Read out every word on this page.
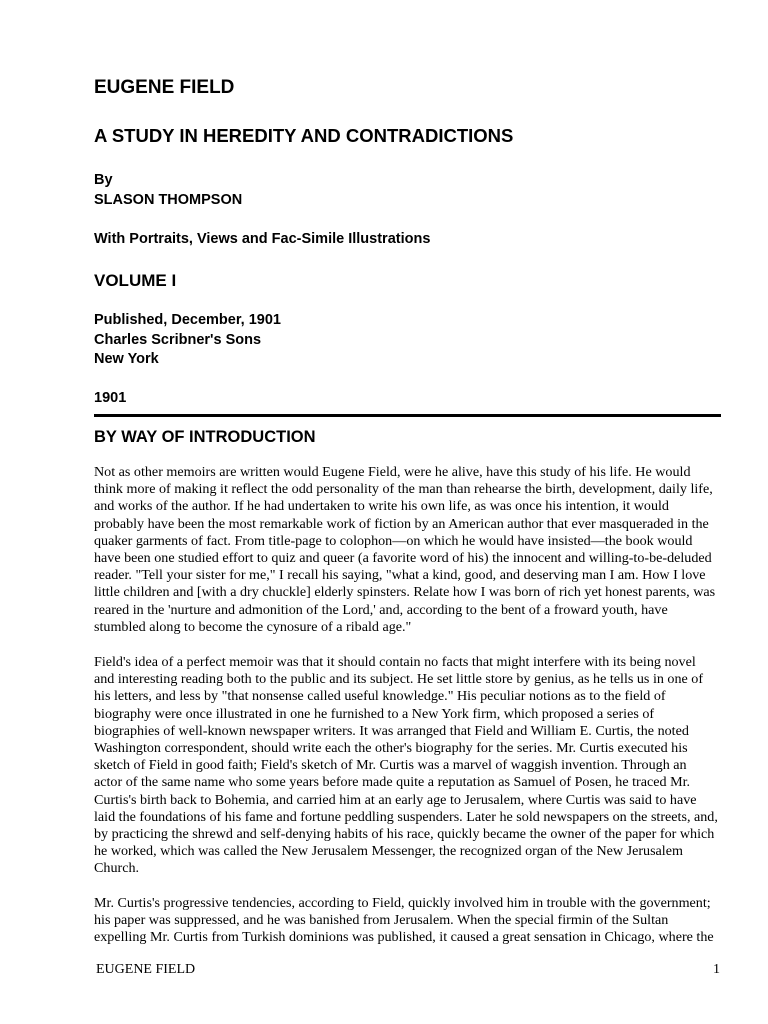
EUGENE FIELD
A STUDY IN HEREDITY AND CONTRADICTIONS
By
SLASON THOMPSON
With Portraits, Views and Fac-Simile Illustrations
VOLUME I
Published, December, 1901
Charles Scribner's Sons
New York
1901
BY WAY OF INTRODUCTION

Not as other memoirs are written would Eugene Field, were he alive, have this study of his life. He would
think more of making it reflect the odd personality of the man than rehearse the birth, development, daily life,
and works of the author. If he had undertaken to write his own life, as was once his intention, it would
probably have been the most remarkable work of fiction by an American author that ever masqueraded in the
quaker garments of fact. From title-page to colophon—on which he would have insisted—the book would
have been one studied effort to quiz and queer (a favorite word of his) the innocent and willing-to-be-deluded
reader. "Tell your sister for me," I recall his saying, "what a kind, good, and deserving man I am. How I love
little children and [with a dry chuckle] elderly spinsters. Relate how I was born of rich yet honest parents, was
reared in the 'nurture and admonition of the Lord,' and, according to the bent of a froward youth, have
stumbled along to become the cynosure of a ribald age."

Field's idea of a perfect memoir was that it should contain no facts that might interfere with its being novel
and interesting reading both to the public and its subject. He set little store by genius, as he tells us in one of
his letters, and less by "that nonsense called useful knowledge." His peculiar notions as to the field of
biography were once illustrated in one he furnished to a New York firm, which proposed a series of
biographies of well-known newspaper writers. It was arranged that Field and William E. Curtis, the noted
Washington correspondent, should write each the other's biography for the series. Mr. Curtis executed his
sketch of Field in good faith; Field's sketch of Mr. Curtis was a marvel of waggish invention. Through an
actor of the same name who some years before made quite a reputation as Samuel of Posen, he traced Mr.
Curtis's birth back to Bohemia, and carried him at an early age to Jerusalem, where Curtis was said to have
laid the foundations of his fame and fortune peddling suspenders. Later he sold newspapers on the streets, and,
by practicing the shrewd and self-denying habits of his race, quickly became the owner of the paper for which
he worked, which was called the New Jerusalem Messenger, the recognized organ of the New Jerusalem
Church.

Mr. Curtis's progressive tendencies, according to Field, quickly involved him in trouble with the government;
his paper was suppressed, and he was banished from Jerusalem. When the special firmin of the Sultan
expelling Mr. Curtis from Turkish dominions was published, it caused a great sensation in Chicago, where the

EUGENE FIELD	1
